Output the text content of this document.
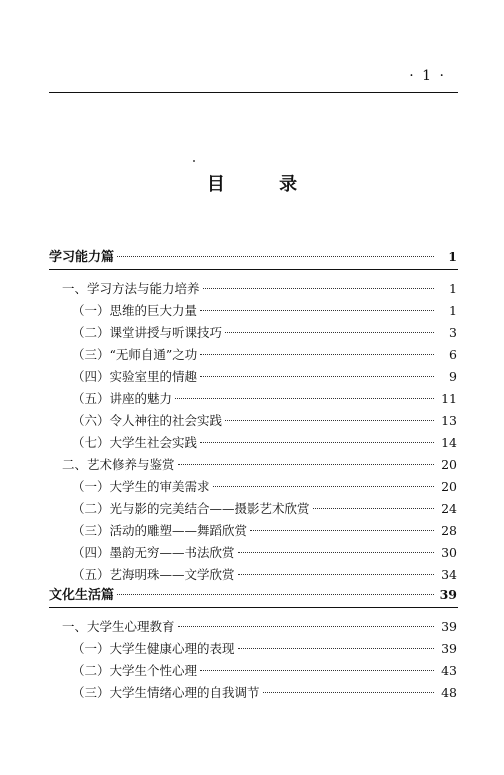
· 1 ·
目 录
学习能力篇	1
一、学习方法与能力培养	1
（一）思维的巨大力量	1
（二）课堂讲授与听课技巧	3
（三）“无师自通”之功	6
（四）实验室里的情趣	9
（五）讲座的魅力	11
（六）令人神往的社会实践	13
（七）大学生社会实践	14
二、艺术修养与鉴赏	20
（一）大学生的审美需求	20
（二）光与影的完美结合——摄影艺术欣赏	24
（三）活动的雕塑——舞蹈欣赏	28
（四）墨韵无穷——书法欣赏	30
（五）艺海明珠——文学欣赏	34
文化生活篇	39
一、大学生心理教育	39
（一）大学生健康心理的表现	39
（二）大学生个性心理	43
（三）大学生情绪心理的自我调节	48
